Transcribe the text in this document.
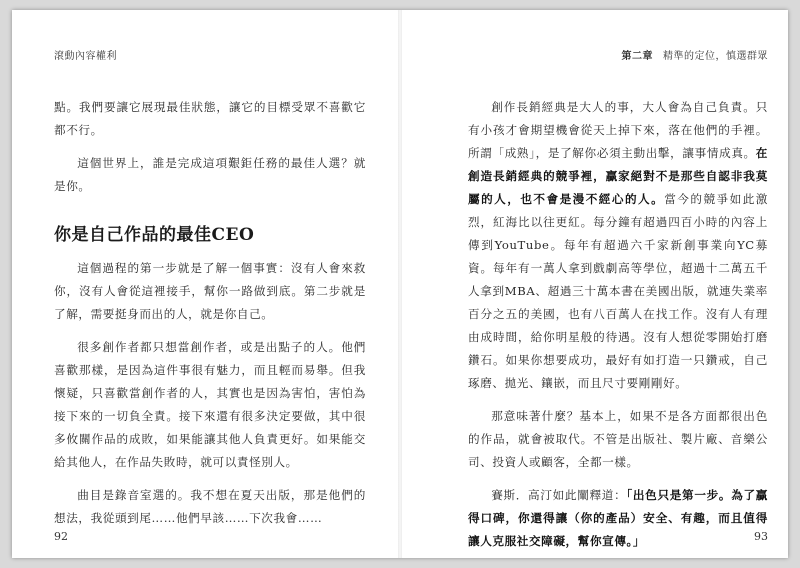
滾動內容權利

點。我們要讓它展現最佳狀態，讓它的目標受眾不喜歡它都不行。

這個世界上，誰是完成這項艱鉅任務的最佳人選？就是你。

你是自己作品的最佳CEO

這個過程的第一步就是了解一個事實：沒有人會來救你，沒有人會從這裡接手，幫你一路做到底。第二步就是了解，需要挺身而出的人，就是你自己。

很多創作者都只想當創作者，或是出點子的人。他們喜歡那樣，是因為這件事很有魅力，而且輕而易舉。但我懷疑，只喜歡當創作者的人，其實也是因為害怕，害怕為接下來的一切負全責。接下來還有很多決定要做，其中很多攸關作品的成敗，如果能讓其他人負責更好。如果能交給其他人，在作品失敗時，就可以責怪別人。

曲目是錄音室選的。我不想在夏天出版，那是他們的想法，我從頭到尾……他們早該……下次我會……

92
第二章 精準的定位，慎選群眾

創作長銷經典是大人的事，大人會為自己負責。只有小孩才會期望機會從天上掉下來，落在他們的手裡。所謂「成熟」，是了解你必須主動出擊，讓事情成真。在創造長銷經典的競爭裡，贏家絕對不是那些自認非我莫屬的人，也不會是漫不經心的人。當今的競爭如此激烈，紅海比以往更紅。每分鐘有超過四百小時的內容上傳到YouTube。每年有超過六千家新創事業向YC募資。每年有一萬人拿到戲劇高等學位，超過十二萬五千人拿到MBA、超過三十萬本書在美國出版，就連失業率百分之五的美國，也有八百萬人在找工作。沒有人有理由成時間，給你明星般的待遇。沒有人想從零開始打磨鑽石。如果你想要成功，最好有如打造一只鑽戒，自己琢磨、拋光、鑲嵌，而且尺寸要剛剛好。

那意味著什麼？基本上，如果不是各方面都很出色的作品，就會被取代。不管是出版社、製片廠、音樂公司、投資人或顧客，全都一樣。

賽斯．高汀如此闡釋道：「出色只是第一步。為了贏得口碑，你還得讓（你的產品）安全、有趣，而且值得讓人克服社交障礙，幫你宣傳。」	93
